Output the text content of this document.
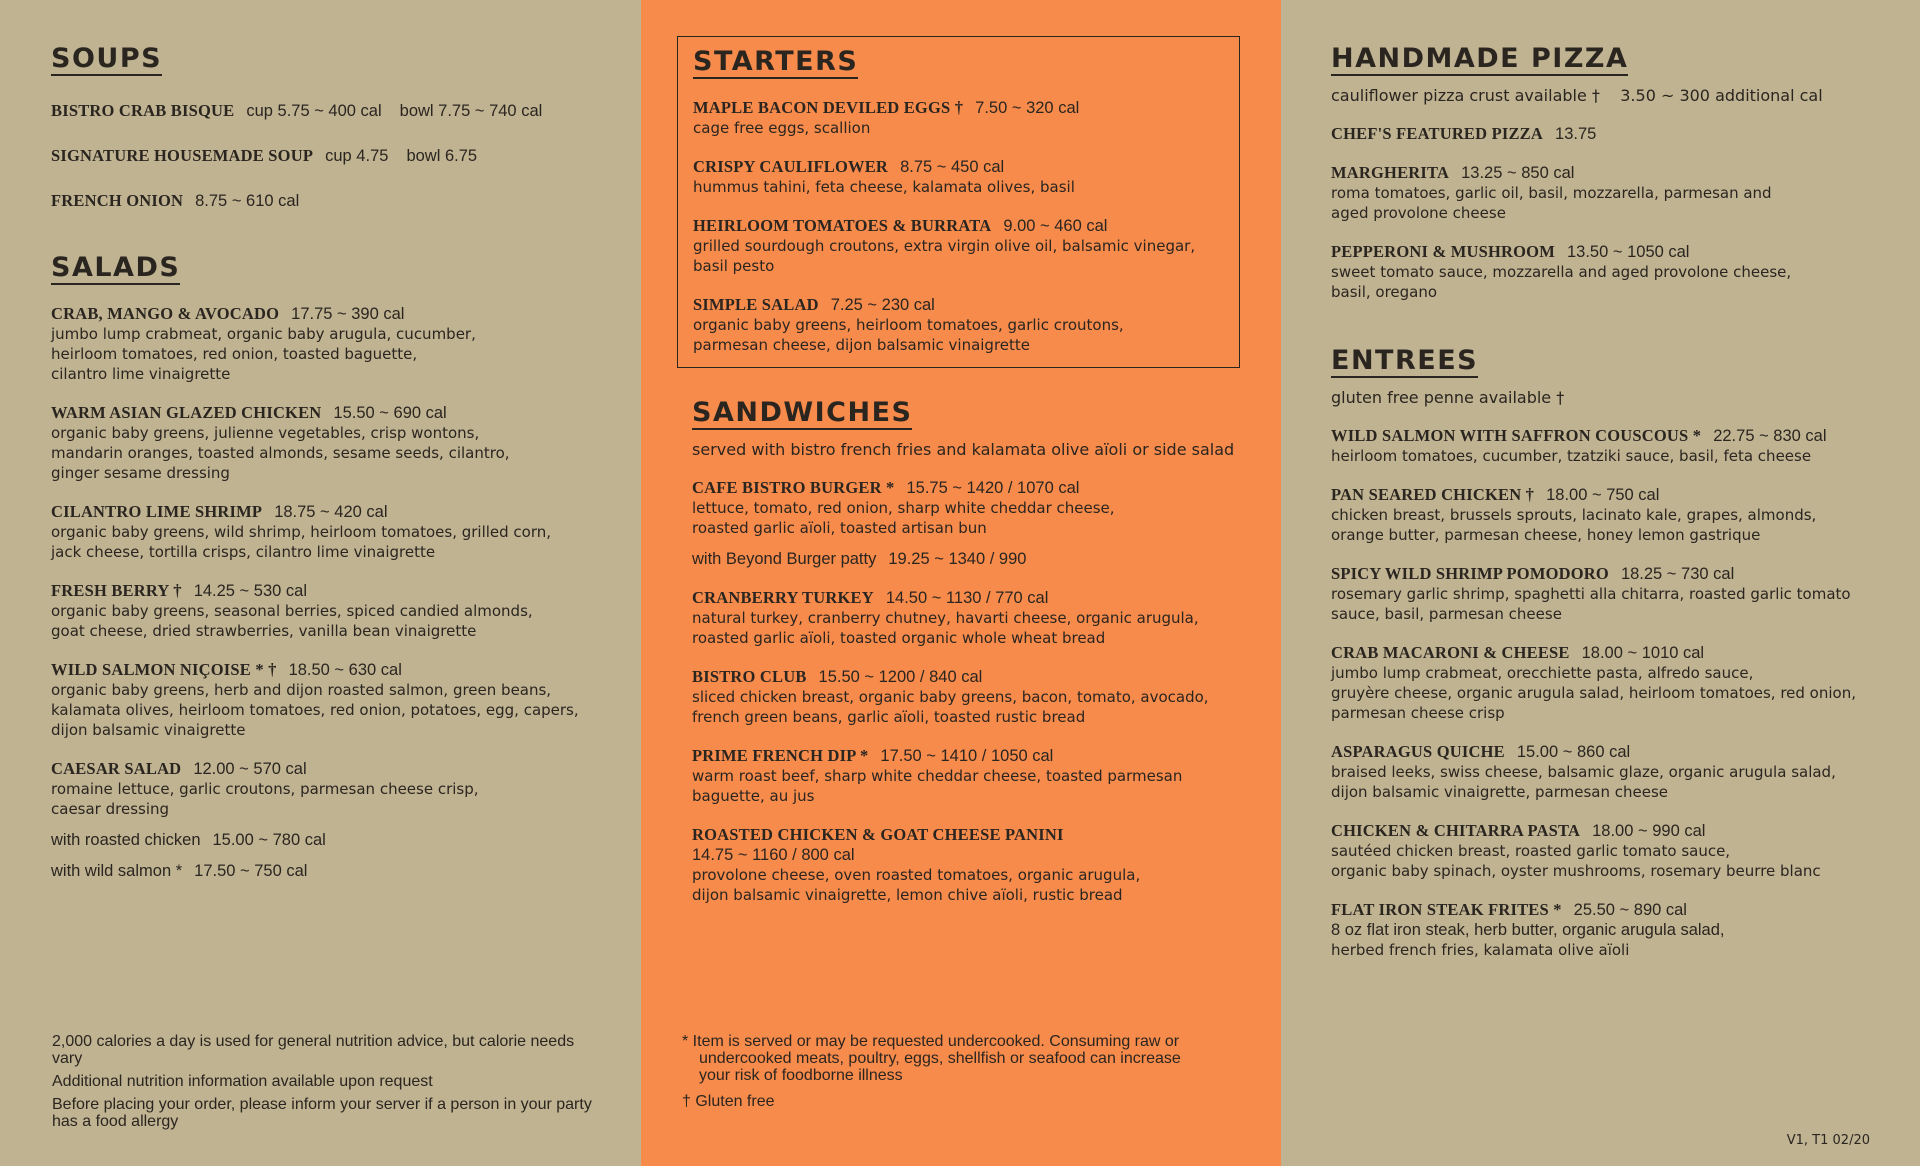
SOUPS
BISTRO CRAB BISQUE cup 5.75 ~ 400 cal bowl 7.75 ~ 740 cal
SIGNATURE HOUSEMADE SOUP cup 4.75 bowl 6.75
FRENCH ONION 8.75 ~ 610 cal
SALADS
CRAB, MANGO & AVOCADO 17.75 ~ 390 cal
jumbo lump crabmeat, organic baby arugula, cucumber,
heirloom tomatoes, red onion, toasted baguette,
cilantro lime vinaigrette
WARM ASIAN GLAZED CHICKEN 15.50 ~ 690 cal
organic baby greens, julienne vegetables, crisp wontons,
mandarin oranges, toasted almonds, sesame seeds, cilantro,
ginger sesame dressing
CILANTRO LIME SHRIMP 18.75 ~ 420 cal
organic baby greens, wild shrimp, heirloom tomatoes, grilled corn,
jack cheese, tortilla crisps, cilantro lime vinaigrette
FRESH BERRY † 14.25 ~ 530 cal
organic baby greens, seasonal berries, spiced candied almonds,
goat cheese, dried strawberries, vanilla bean vinaigrette
WILD SALMON NIÇOISE * † 18.50 ~ 630 cal
organic baby greens, herb and dijon roasted salmon, green beans,
kalamata olives, heirloom tomatoes, red onion, potatoes, egg, capers,
dijon balsamic vinaigrette
CAESAR SALAD 12.00 ~ 570 cal
romaine lettuce, garlic croutons, parmesan cheese crisp,
caesar dressing
with roasted chicken 15.00 ~ 780 cal
with wild salmon * 17.50 ~ 750 cal

2,000 calories a day is used for general nutrition advice, but calorie needs vary

Additional nutrition information available upon request

Before placing your order, please inform your server if a person in your party has a food allergy

STARTERS
MAPLE BACON DEVILED EGGS † 7.50 ~ 320 cal
cage free eggs, scallion
CRISPY CAULIFLOWER 8.75 ~ 450 cal
hummus tahini, feta cheese, kalamata olives, basil
HEIRLOOM TOMATOES & BURRATA 9.00 ~ 460 cal
grilled sourdough croutons, extra virgin olive oil, balsamic vinegar,
basil pesto
SIMPLE SALAD 7.25 ~ 230 cal
organic baby greens, heirloom tomatoes, garlic croutons,
parmesan cheese, dijon balsamic vinaigrette
SANDWICHES
served with bistro french fries and kalamata olive aïoli or side salad
CAFE BISTRO BURGER * 15.75 ~ 1420 / 1070 cal
lettuce, tomato, red onion, sharp white cheddar cheese,
roasted garlic aïoli, toasted artisan bun
with Beyond Burger patty 19.25 ~ 1340 / 990
CRANBERRY TURKEY 14.50 ~ 1130 / 770 cal
natural turkey, cranberry chutney, havarti cheese, organic arugula,
roasted garlic aïoli, toasted organic whole wheat bread
BISTRO CLUB 15.50 ~ 1200 / 840 cal
sliced chicken breast, organic baby greens, bacon, tomato, avocado,
french green beans, garlic aïoli, toasted rustic bread
PRIME FRENCH DIP * 17.50 ~ 1410 / 1050 cal
warm roast beef, sharp white cheddar cheese, toasted parmesan
baguette, au jus
ROASTED CHICKEN & GOAT CHEESE PANINI
14.75 ~ 1160 / 800 cal
provolone cheese, oven roasted tomatoes, organic arugula,
dijon balsamic vinaigrette, lemon chive aïoli, rustic bread
* Item is served or may be requested undercooked. Consuming raw or
undercooked meats, poultry, eggs, shellfish or seafood can increase
your risk of foodborne illness
† Gluten free
HANDMADE PIZZA
cauliflower pizza crust available †    3.50 ~ 300 additional cal
CHEF'S FEATURED PIZZA 13.75
MARGHERITA 13.25 ~ 850 cal
roma tomatoes, garlic oil, basil, mozzarella, parmesan and
aged provolone cheese
PEPPERONI & MUSHROOM 13.50 ~ 1050 cal
sweet tomato sauce, mozzarella and aged provolone cheese,
basil, oregano
ENTREES
gluten free penne available †
WILD SALMON WITH SAFFRON COUSCOUS * 22.75 ~ 830 cal
heirloom tomatoes, cucumber, tzatziki sauce, basil, feta cheese
PAN SEARED CHICKEN † 18.00 ~ 750 cal
chicken breast, brussels sprouts, lacinato kale, grapes, almonds,
orange butter, parmesan cheese, honey lemon gastrique
SPICY WILD SHRIMP POMODORO 18.25 ~ 730 cal
rosemary garlic shrimp, spaghetti alla chitarra, roasted garlic tomato
sauce, basil, parmesan cheese
CRAB MACARONI & CHEESE 18.00 ~ 1010 cal
jumbo lump crabmeat, orecchiette pasta, alfredo sauce,
gruyère cheese, organic arugula salad, heirloom tomatoes, red onion,
parmesan cheese crisp
ASPARAGUS QUICHE 15.00 ~ 860 cal
braised leeks, swiss cheese, balsamic glaze, organic arugula salad,
dijon balsamic vinaigrette, parmesan cheese
CHICKEN & CHITARRA PASTA 18.00 ~ 990 cal
sautéed chicken breast, roasted garlic tomato sauce,
organic baby spinach, oyster mushrooms, rosemary beurre blanc
FLAT IRON STEAK FRITES * 25.50 ~ 890 cal
8 oz flat iron steak, herb butter, organic arugula salad,
herbed french fries, kalamata olive aïoli
V1, T1 02/20
